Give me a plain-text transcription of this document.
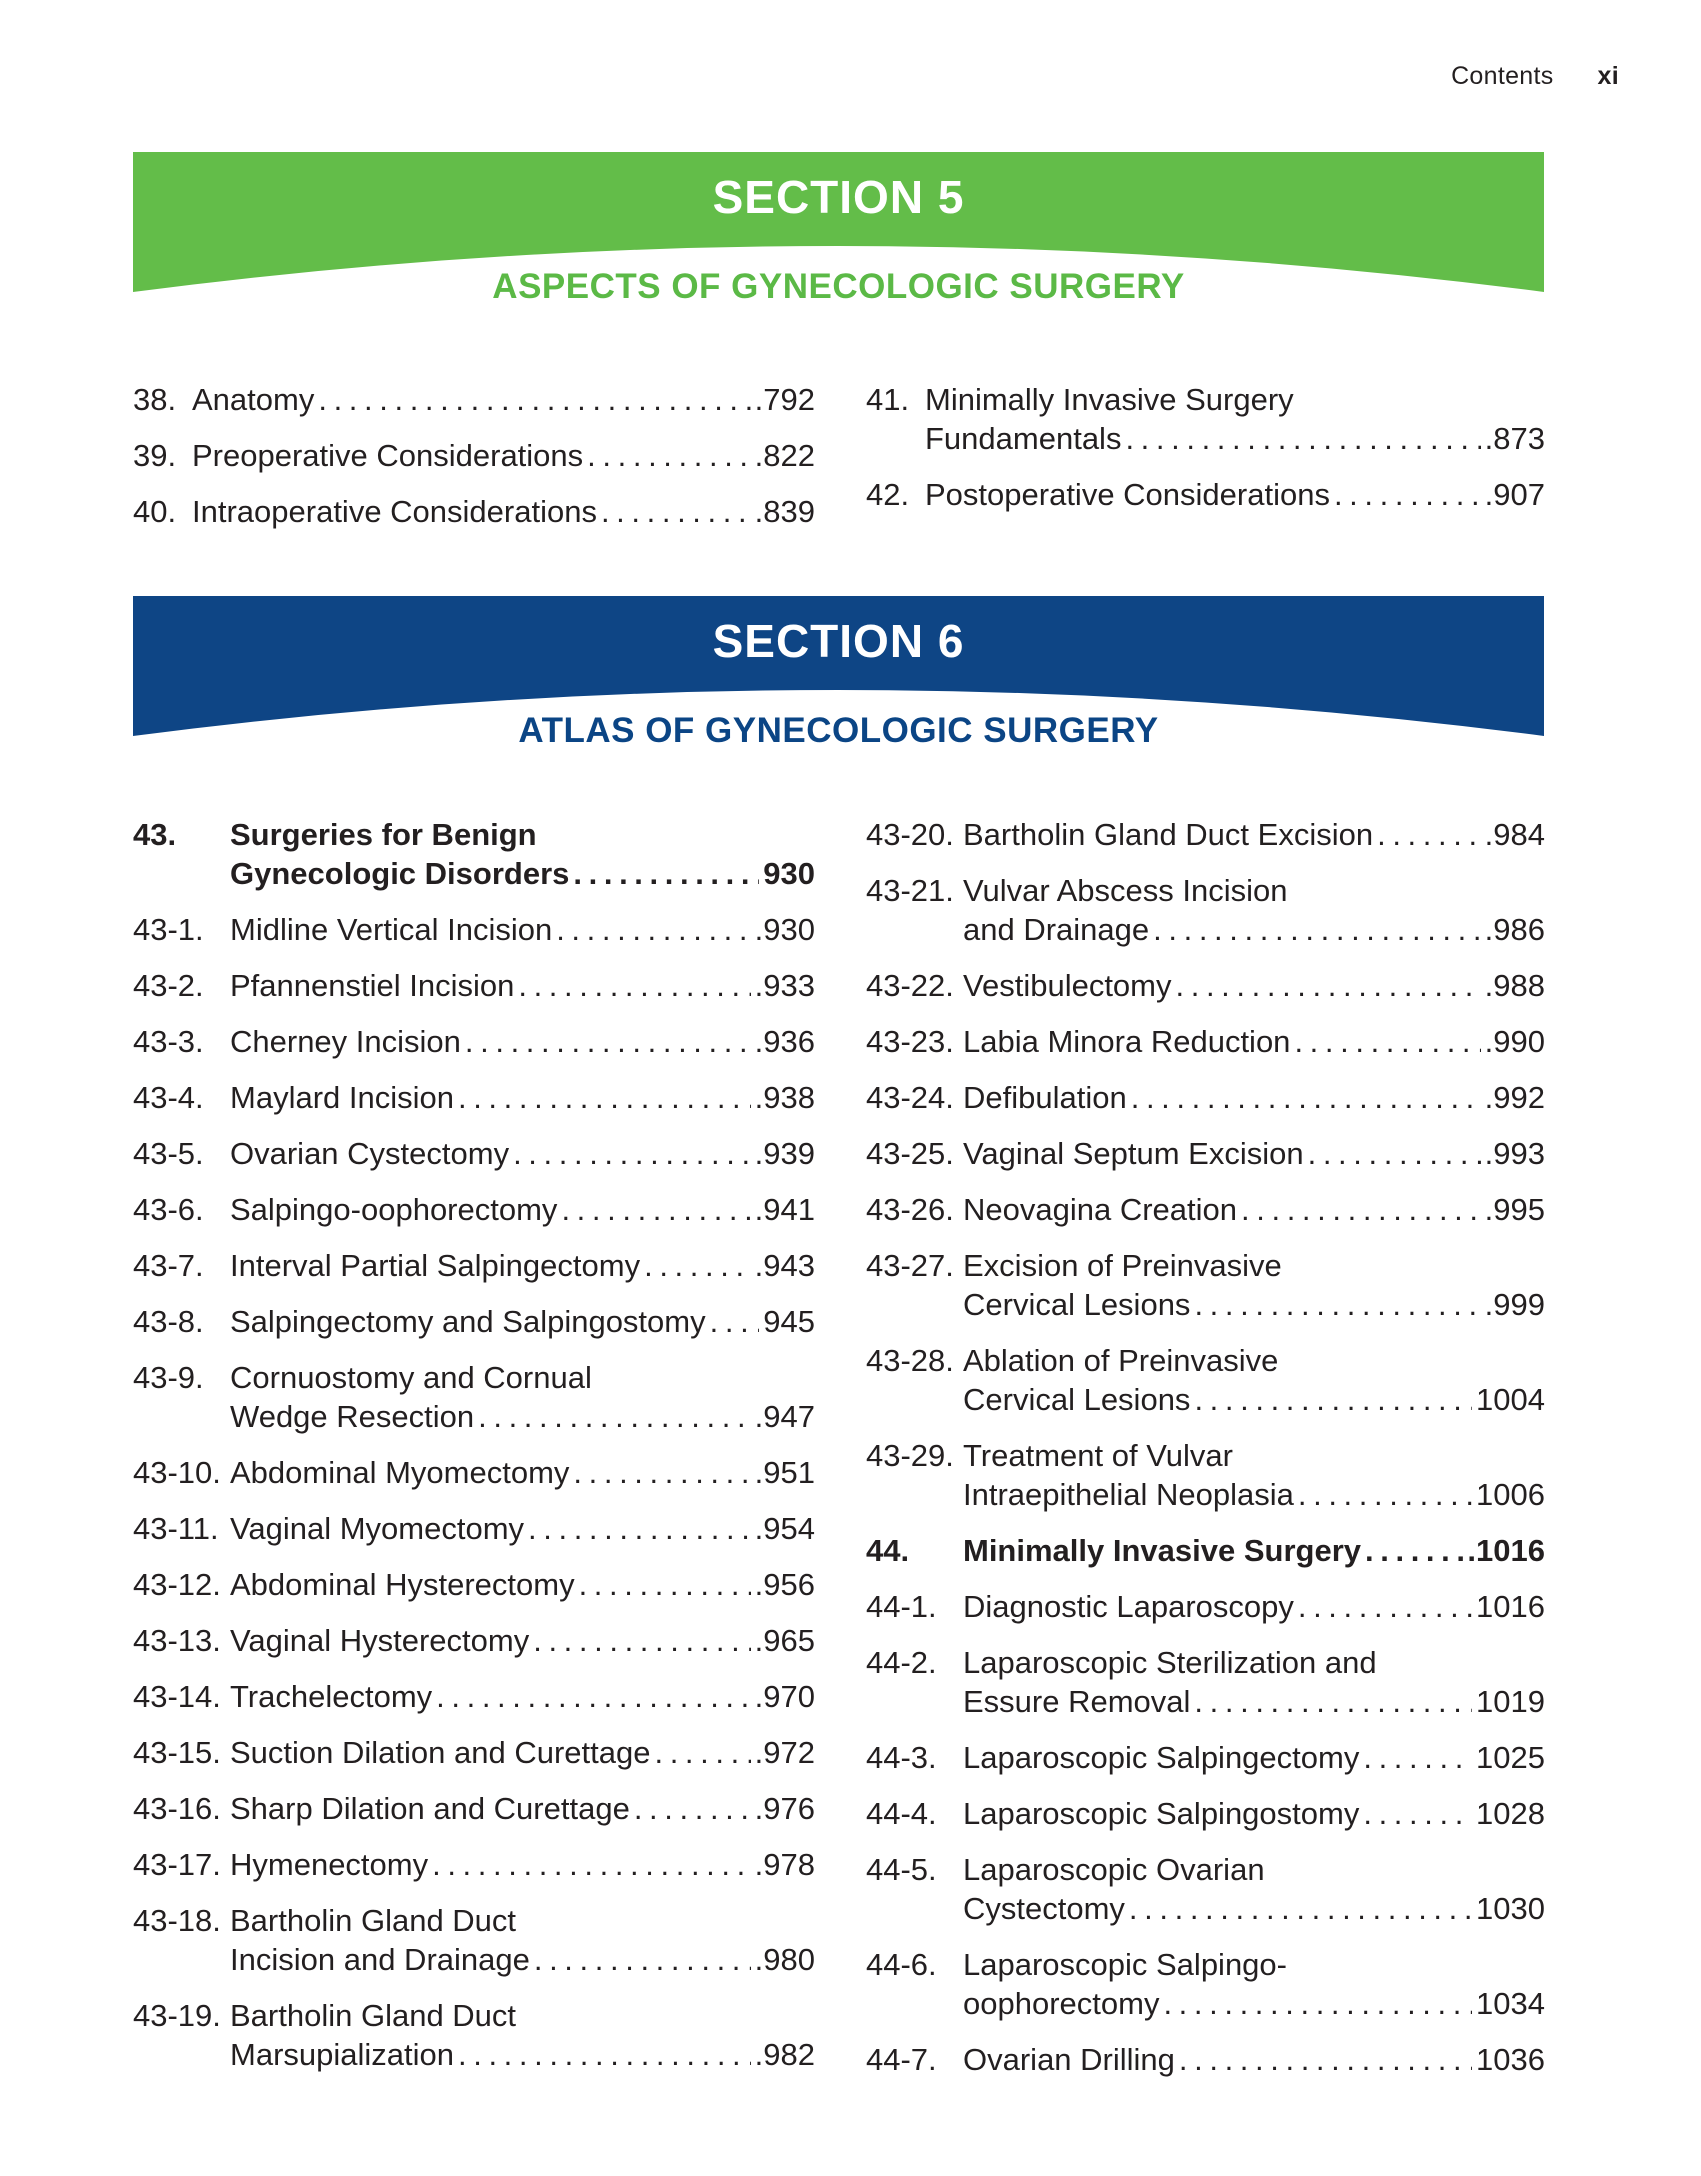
Contents xi
SECTION 5
ASPECTS OF GYNECOLOGIC SURGERY
38. Anatomy . . .	.792
39. Preoperative Considerations . . .	.822
40. Intraoperative Considerations . . .	.839
41. Minimally Invasive Surgery
Fundamentals . . .	.873
42. Postoperative Considerations . . .	.907
SECTION 6
ATLAS OF GYNECOLOGIC SURGERY
43.	Surgeries for Benign
Gynecologic Disorders . . .	930
43-1. Midline Vertical Incision . . .	.930
43-2. Pfannenstiel Incision . . .	.933
43-3. Cherney Incision . . .	.936
43-4. Maylard Incision . . .	.938
43-5. Ovarian Cystectomy . . .	.939
43-6. Salpingo-oophorectomy . . .	.941
43-7. Interval Partial Salpingectomy . . .	.943
43-8. Salpingectomy and Salpingostomy . . . 945
43-9. Cornuostomy and Cornual
Wedge Resection . . .	.947
43-10. Abdominal Myomectomy . . .	.951
43-11. Vaginal Myomectomy . . .	.954
43-12. Abdominal Hysterectomy . . .	.956
43-13. Vaginal Hysterectomy . . .	.965
43-14. Trachelectomy . . .	.970
43-15. Suction Dilation and Curettage . . .	.972
43-16. Sharp Dilation and Curettage . . .	.976
43-17. Hymenectomy . . .	.978
43-18. Bartholin Gland Duct
Incision and Drainage . . .	.980
43-19. Bartholin Gland Duct
Marsupialization . . .	.982
43-20. Bartholin Gland Duct Excision . . .	.984
43-21. Vulvar Abscess Incision
and Drainage . . .	.986
43-22. Vestibulectomy . . .	.988
43-23. Labia Minora Reduction . . .	.990
43-24. Defibulation . . .	.992
43-25. Vaginal Septum Excision . . .	.993
43-26. Neovagina Creation . . .	.995
43-27. Excision of Preinvasive
Cervical Lesions . . .	.999
43-28. Ablation of Preinvasive
Cervical Lesions . . .	1004
43-29. Treatment of Vulvar
Intraepithelial Neoplasia . . .	1006
44.	Minimally Invasive Surgery . . .	.1016
44-1. Diagnostic Laparoscopy . . .	1016
44-2. Laparoscopic Sterilization and
Essure Removal . . .	1019
44-3. Laparoscopic Salpingectomy . . .	1025
44-4. Laparoscopic Salpingostomy . . .	1028
44-5. Laparoscopic Ovarian
Cystectomy . . .	1030
44-6. Laparoscopic Salpingo-
oophorectomy . . .	1034
44-7. Ovarian Drilling . . .	1036
